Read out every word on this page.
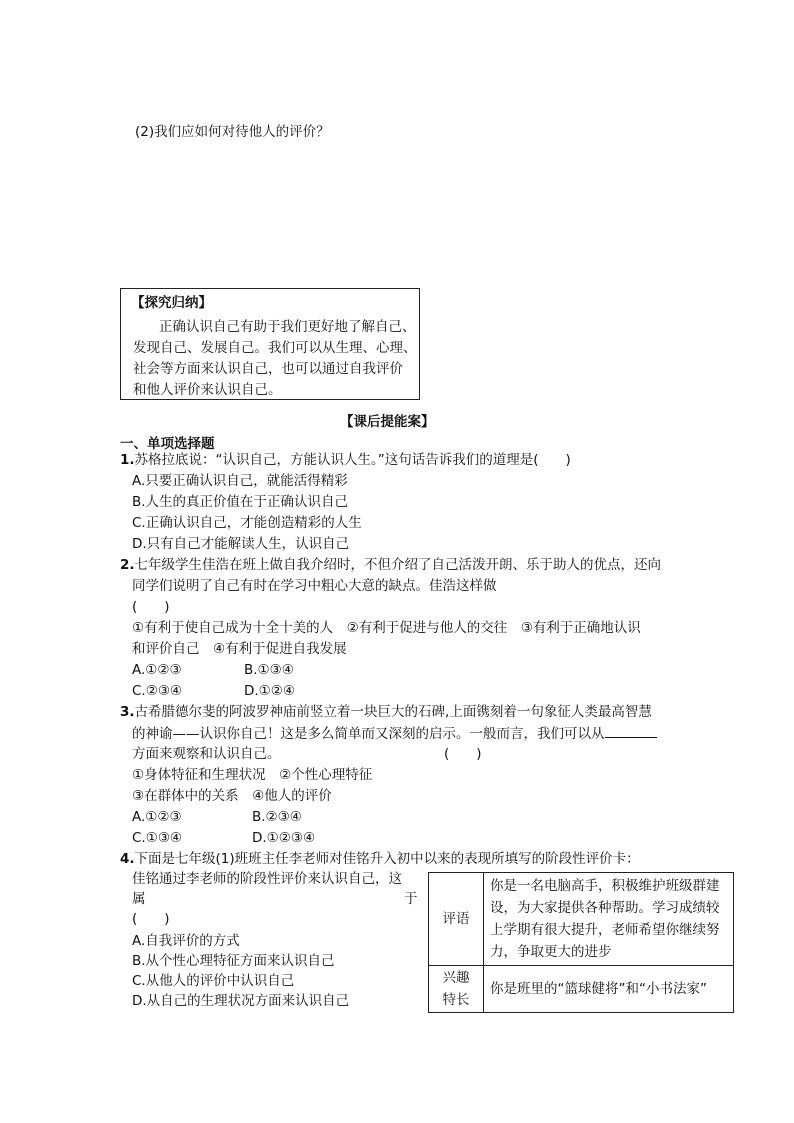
(2)我们应如何对待他人的评价？
【探究归纳】
正确认识自己有助于我们更好地了解自己、
发现自己、发展自己。我们可以从生理、心理、
社会等方面来认识自己，也可以通过自我评价
和他人评价来认识自己。
【课后提能案】
一、单项选择题
1.苏格拉底说：“认识自己，方能认识人生。”这句话告诉我们的道理是(　　)
A.只要正确认识自己，就能活得精彩
B.人生的真正价值在于正确认识自己
C.正确认识自己，才能创造精彩的人生
D.只有自己才能解读人生，认识自己
2.七年级学生佳浩在班上做自我介绍时，不但介绍了自己活泼开朗、乐于助人的优点，还向
同学们说明了自己有时在学习中粗心大意的缺点。佳浩这样做
(　　)
①有利于使自己成为十全十美的人　②有利于促进与他人的交往　③有利于正确地认识
和评价自己　④有利于促进自我发展
A.①②③	B.①③④
C.②③④	D.①②④
3.古希腊德尔斐的阿波罗神庙前竖立着一块巨大的石碑,上面镌刻着一句象征人类最高智慧
的神谕——认识你自己！这是多么简单而又深刻的启示。一般而言，我们可以从
方面来观察和认识自己。	(　　)
①身体特征和生理状况　②个性心理特征
③在群体中的关系　④他人的评价
A.①②③	B.②③④
C.①③④	D.①②③④
4.下面是七年级(1)班班主任李老师对佳铭升入初中以来的表现所填写的阶段性评价卡：
佳铭通过李老师的阶段性评价来认识自己，这
属	于
(　　)
A.自我评价的方式
B.从个性心理特征方面来认识自己
C.从他人的评价中认识自己
D.从自己的生理状况方面来认识自己
评语	你是一名电脑高手，积极维护班级群建设，为大家提供各种帮助。学习成绩较上学期有很大提升，老师希望你继续努力，争取更大的进步

兴趣
特长	你是班里的“篮球健将”和“小书法家”
